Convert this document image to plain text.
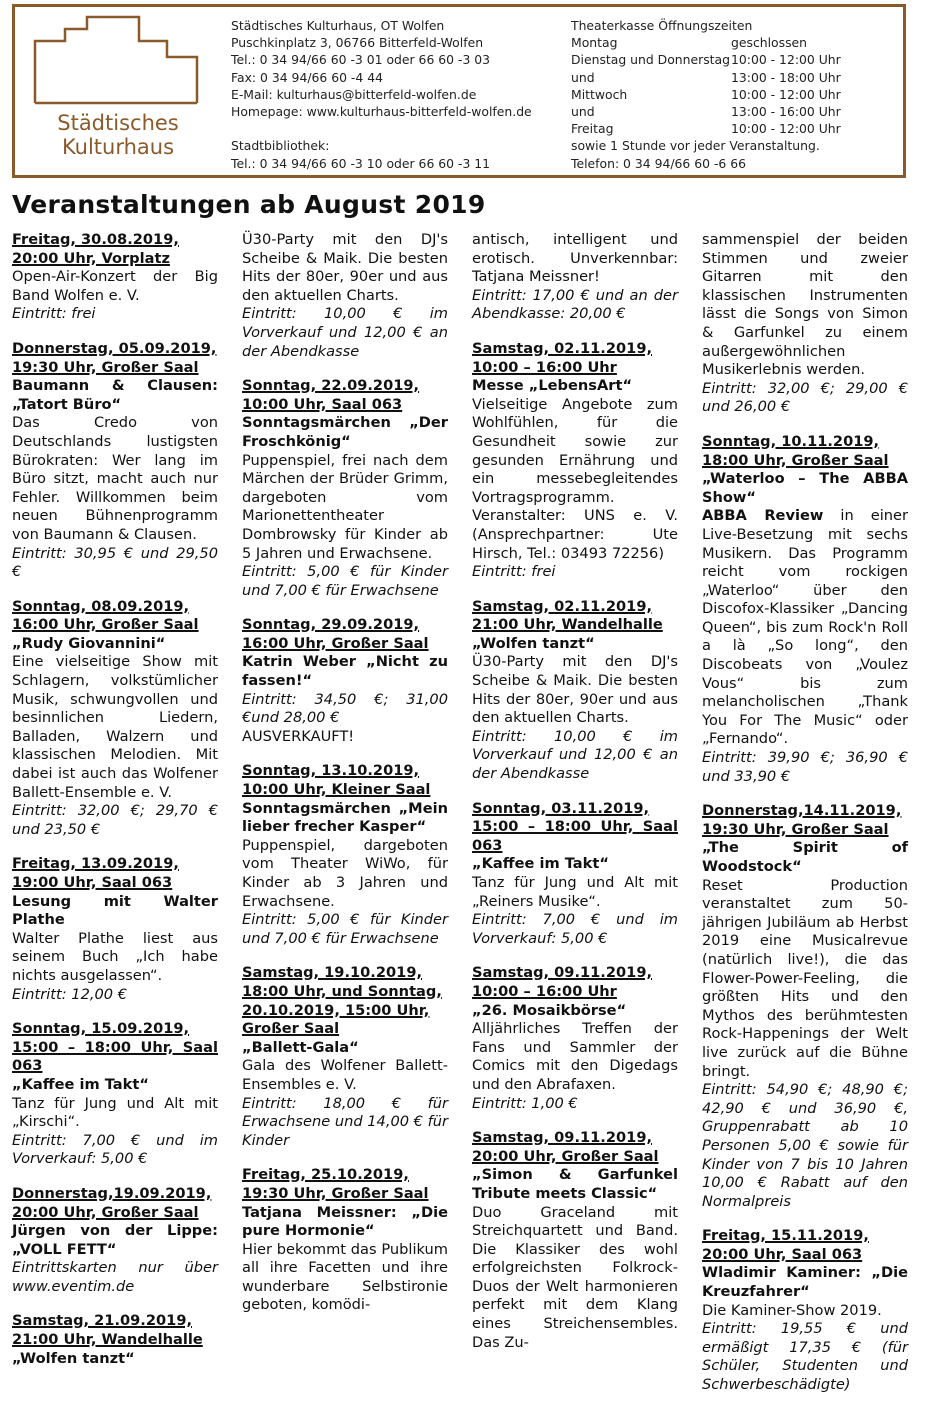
Städtisches
Kulturhaus
Städtisches Kulturhaus, OT Wolfen
Puschkinplatz 3, 06766 Bitterfeld-Wolfen
Tel.: 0 34 94/66 60 -3 01 oder 66 60 -3 03
Fax: 0 34 94/66 60 -4 44
E-Mail: kulturhaus@bitterfeld-wolfen.de
Homepage: www.kulturhaus-bitterfeld-wolfen.de
Stadtbibliothek:
Tel.: 0 34 94/66 60 -3 10 oder 66 60 -3 11
Theaterkasse Öffnungszeiten
Montag	geschlossen
Dienstag und Donnerstag 10:00 - 12:00 Uhr
und	13:00 - 18:00 Uhr
Mittwoch	10:00 - 12:00 Uhr
und	13:00 - 16:00 Uhr
Freitag	10:00 - 12:00 Uhr
sowie 1 Stunde vor jeder Veranstaltung.
Telefon: 0 34 94/66 60 -6 66
Veranstaltungen ab August 2019

Freitag, 30.08.2019,

20:00 Uhr, Vorplatz

Open-Air-Konzert der Big Band Wolfen e. V.

Eintritt: frei

Donnerstag, 05.09.2019,

19:30 Uhr, Großer Saal

Baumann & Clausen: „Tatort Büro“

Das Credo von Deutschlands lustigsten Bürokraten: Wer lang im Büro sitzt, macht auch nur Fehler. Willkommen beim neuen Bühnenprogramm von Baumann & Clausen.

Eintritt: 30,95 € und 29,50 €

Sonntag, 08.09.2019,

16:00 Uhr, Großer Saal

„Rudy Giovannini“

Eine vielseitige Show mit Schlagern, volkstümlicher Musik, schwungvollen und besinnlichen Liedern, Balladen, Walzern und klassischen Melodien. Mit dabei ist auch das Wolfener Ballett-Ensemble e. V.

Eintritt: 32,00 €; 29,70 € und 23,50 €

Freitag, 13.09.2019,

19:00 Uhr, Saal 063

Lesung mit Walter Plathe

Walter Plathe liest aus seinem Buch „Ich habe nichts ausgelassen“.

Eintritt: 12,00 €

Sonntag, 15.09.2019,

15:00 – 18:00 Uhr, Saal 063

„Kaffee im Takt“

Tanz für Jung und Alt mit „Kirschi“.

Eintritt: 7,00 € und im Vorverkauf: 5,00 €

Donnerstag,19.09.2019,

20:00 Uhr, Großer Saal

Jürgen von der Lippe: „VOLL FETT“

Eintrittskarten nur über www.eventim.de

Samstag, 21.09.2019,

21:00 Uhr, Wandelhalle

„Wolfen tanzt“

Ü30-Party mit den DJ's Scheibe & Maik. Die besten Hits der 80er, 90er und aus den aktuellen Charts.

Eintritt: 10,00 € im Vorverkauf und 12,00 € an der Abendkasse

Sonntag, 22.09.2019,

10:00 Uhr, Saal 063

Sonntagsmärchen „Der Froschkönig“

Puppenspiel, frei nach dem Märchen der Brüder Grimm, dargeboten vom Marionettentheater Dombrowsky für Kinder ab 5 Jahren und Erwachsene.

Eintritt: 5,00 € für Kinder und 7,00 € für Erwachsene

Sonntag, 29.09.2019,

16:00 Uhr, Großer Saal

Katrin Weber „Nicht zu fassen!“

Eintritt: 34,50 €; 31,00 €und 28,00 €

AUSVERKAUFT!

Sonntag, 13.10.2019,

10:00 Uhr, Kleiner Saal

Sonntagsmärchen „Mein lieber frecher Kasper“

Puppenspiel, dargeboten vom Theater WiWo, für Kinder ab 3 Jahren und Erwachsene.

Eintritt: 5,00 € für Kinder und 7,00 € für Erwachsene

Samstag, 19.10.2019,

18:00 Uhr, und Sonntag,

20.10.2019, 15:00 Uhr,

Großer Saal

„Ballett-Gala“

Gala des Wolfener Ballett-Ensembles e. V.

Eintritt: 18,00 € für Erwachsene und 14,00 € für Kinder

Freitag, 25.10.2019,

19:30 Uhr, Großer Saal

Tatjana Meissner: „Die pure Hormonie“

Hier bekommt das Publikum all ihre Facetten und ihre wunderbare Selbstironie geboten, komödi-

antisch, intelligent und erotisch. Unverkennbar: Tatjana Meissner!

Eintritt: 17,00 € und an der Abendkasse: 20,00 €

Samstag, 02.11.2019,

10:00 – 16:00 Uhr

Messe „LebensArt“

Vielseitige Angebote zum Wohlfühlen, für die Gesundheit sowie zur gesunden Ernährung und ein messebegleitendes Vortragsprogramm. Veranstalter: UNS e. V. (Ansprechpartner: Ute Hirsch, Tel.: 03493 72256)

Eintritt: frei

Samstag, 02.11.2019,

21:00 Uhr, Wandelhalle

„Wolfen tanzt“

Ü30-Party mit den DJ's Scheibe & Maik. Die besten Hits der 80er, 90er und aus den aktuellen Charts.

Eintritt: 10,00 € im Vorverkauf und 12,00 € an der Abendkasse

Sonntag, 03.11.2019,

15:00 – 18:00 Uhr, Saal 063

„Kaffee im Takt“

Tanz für Jung und Alt mit „Reiners Musike“.

Eintritt: 7,00 € und im Vorverkauf: 5,00 €

Samstag, 09.11.2019,

10:00 – 16:00 Uhr

„26. Mosaikbörse“

Alljährliches Treffen der Fans und Sammler der Comics mit den Digedags und den Abrafaxen.

Eintritt: 1,00 €

Samstag, 09.11.2019,

20:00 Uhr, Großer Saal

„Simon & Garfunkel Tribute meets Classic“

Duo Graceland mit Streichquartett und Band. Die Klassiker des wohl erfolgreichsten Folkrock-Duos der Welt harmonieren perfekt mit dem Klang eines Streichensembles. Das Zu-

sammenspiel der beiden Stimmen und zweier Gitarren mit den klassischen Instrumenten lässt die Songs von Simon & Garfunkel zu einem außergewöhnlichen Musikerlebnis werden.

Eintritt: 32,00 €; 29,00 € und 26,00 €

Sonntag, 10.11.2019,

18:00 Uhr, Großer Saal

„Waterloo – The ABBA Show“

ABBA Review in einer Live-Besetzung mit sechs Musikern. Das Programm reicht vom rockigen „Waterloo“ über den Discofox-Klassiker „Dancing Queen“, bis zum Rock'n Roll a là „So long“, den Discobeats von „Voulez Vous“ bis zum melancholischen „Thank You For The Music“ oder „Fernando“.

Eintritt: 39,90 €; 36,90 € und 33,90 €

Donnerstag,14.11.2019,

19:30 Uhr, Großer Saal

„The Spirit of Woodstock“

Reset Production veranstaltet zum 50-jährigen Jubiläum ab Herbst 2019 eine Musicalrevue (natürlich live!), die das Flower-Power-Feeling, die größten Hits und den Mythos des berühmtesten Rock-Happenings der Welt live zurück auf die Bühne bringt.

Eintritt: 54,90 €; 48,90 €; 42,90 € und 36,90 €, Gruppenrabatt ab 10 Personen 5,00 € sowie für Kinder von 7 bis 10 Jahren 10,00 € Rabatt auf den Normalpreis

Freitag, 15.11.2019,

20:00 Uhr, Saal 063

Wladimir Kaminer: „Die Kreuzfahrer“

Die Kaminer-Show 2019.

Eintritt: 19,55 € und ermäßigt 17,35 € (für Schüler, Studenten und Schwerbeschädigte)
